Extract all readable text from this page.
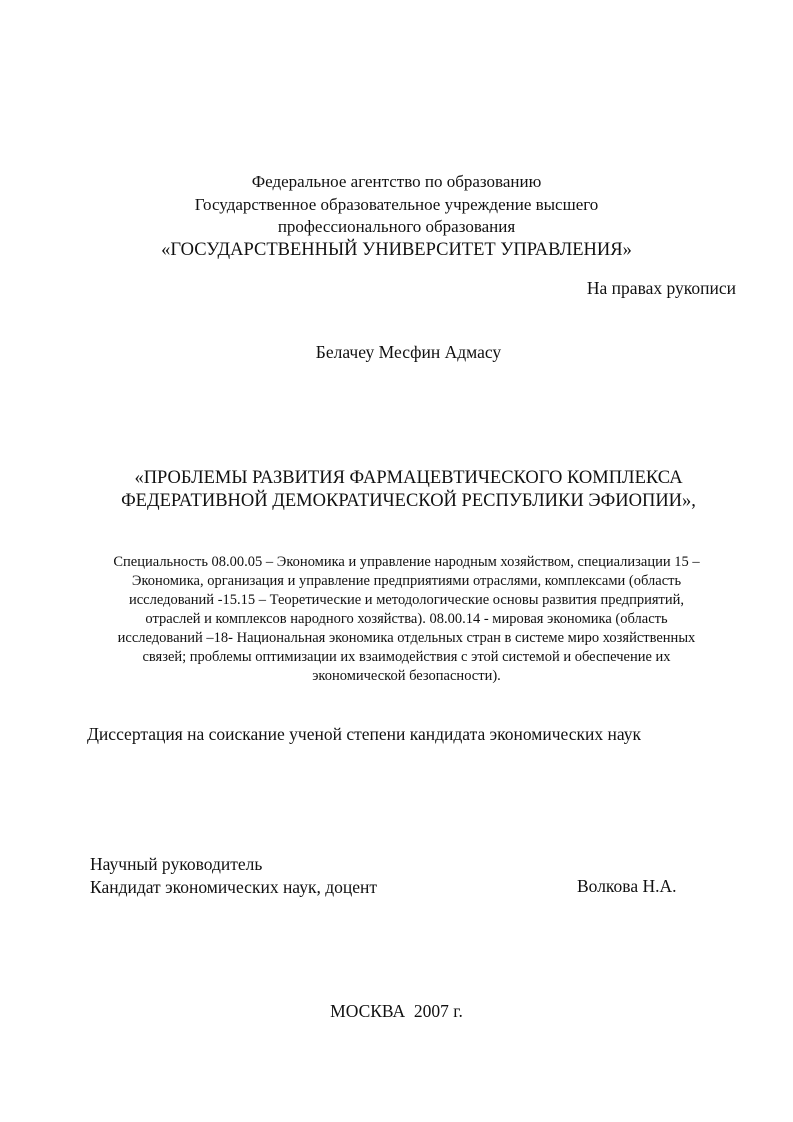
Федеральное агентство по образованию
Государственное образовательное учреждение высшего
профессионального образования
«ГОСУДАРСТВЕННЫЙ УНИВЕРСИТЕТ УПРАВЛЕНИЯ»
На правах рукописи
Белачеу Месфин Адмасу
«ПРОБЛЕМЫ РАЗВИТИЯ ФАРМАЦЕВТИЧЕСКОГО КОМПЛЕКСА
ФЕДЕРАТИВНОЙ ДЕМОКРАТИЧЕСКОЙ РЕСПУБЛИКИ ЭФИОПИИ»,
Специальность 08.00.05 – Экономика и управление народным хозяйством, специализации 15 –
Экономика, организация и управление предприятиями отраслями, комплексами (область
исследований -15.15 – Теоретические и методологические основы развития предприятий,
отраслей и комплексов народного хозяйства). 08.00.14 - мировая экономика (область
исследований –18- Национальная экономика отдельных стран в системе миро хозяйственных
связей; проблемы оптимизации их взаимодействия с этой системой и обеспечение их
экономической безопасности).
Диссертация на соискание ученой степени кандидата экономических наук
Научный руководитель
Кандидат экономических наук, доцент	Волкова Н.А.
МОСКВА  2007 г.
